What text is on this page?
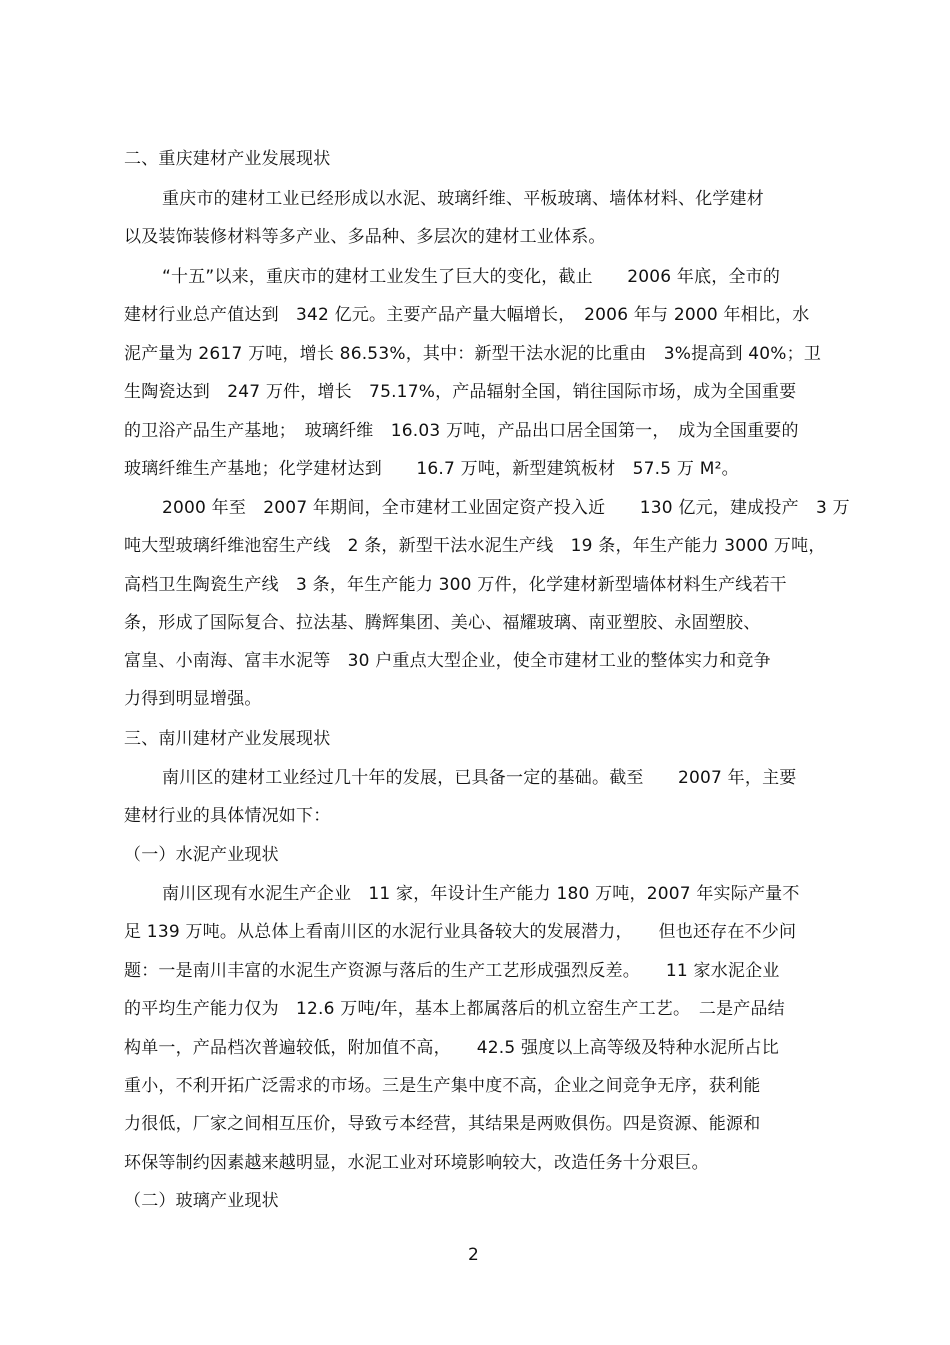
二、重庆建材产业发展现状
重庆市的建材工业已经形成以水泥、玻璃纤维、平板玻璃、墙体材料、化学建材
以及装饰装修材料等多产业、多品种、多层次的建材工业体系。
“十五”以来，重庆市的建材工业发生了巨大的变化，截止　　2006 年底，全市的
建材行业总产值达到　342 亿元。主要产品产量大幅增长，　2006 年与 2000 年相比，水
泥产量为 2617 万吨，增长 86.53%，其中：新型干法水泥的比重由　3%提高到 40%；卫
生陶瓷达到　247 万件，增长　75.17%，产品辐射全国，销往国际市场，成为全国重要
的卫浴产品生产基地；　玻璃纤维　16.03 万吨，产品出口居全国第一，　成为全国重要的
玻璃纤维生产基地；化学建材达到　　16.7 万吨，新型建筑板材　57.5 万 M²。
2000 年至　2007 年期间，全市建材工业固定资产投入近　　130 亿元，建成投产　3 万
吨大型玻璃纤维池窑生产线　2 条，新型干法水泥生产线　19 条，年生产能力 3000 万吨，
高档卫生陶瓷生产线　3 条，年生产能力 300 万件，化学建材新型墙体材料生产线若干
条，形成了国际复合、拉法基、腾辉集团、美心、福耀玻璃、南亚塑胶、永固塑胶、
富皇、小南海、富丰水泥等　30 户重点大型企业，使全市建材工业的整体实力和竞争
力得到明显增强。
三、南川建材产业发展现状
南川区的建材工业经过几十年的发展，已具备一定的基础。截至　　2007 年，主要
建材行业的具体情况如下：
（一）水泥产业现状
南川区现有水泥生产企业　11 家，年设计生产能力 180 万吨，2007 年实际产量不
足 139 万吨。从总体上看南川区的水泥行业具备较大的发展潜力，　　但也还存在不少问
题：一是南川丰富的水泥生产资源与落后的生产工艺形成强烈反差。　　11 家水泥企业
的平均生产能力仅为　12.6 万吨/年，基本上都属落后的机立窑生产工艺。　二是产品结
构单一，产品档次普遍较低，附加值不高，　　42.5 强度以上高等级及特种水泥所占比
重小，不利开拓广泛需求的市场。三是生产集中度不高，企业之间竞争无序，获利能
力很低，厂家之间相互压价，导致亏本经营，其结果是两败俱伤。四是资源、能源和
环保等制约因素越来越明显，水泥工业对环境影响较大，改造任务十分艰巨。
（二）玻璃产业现状
2
